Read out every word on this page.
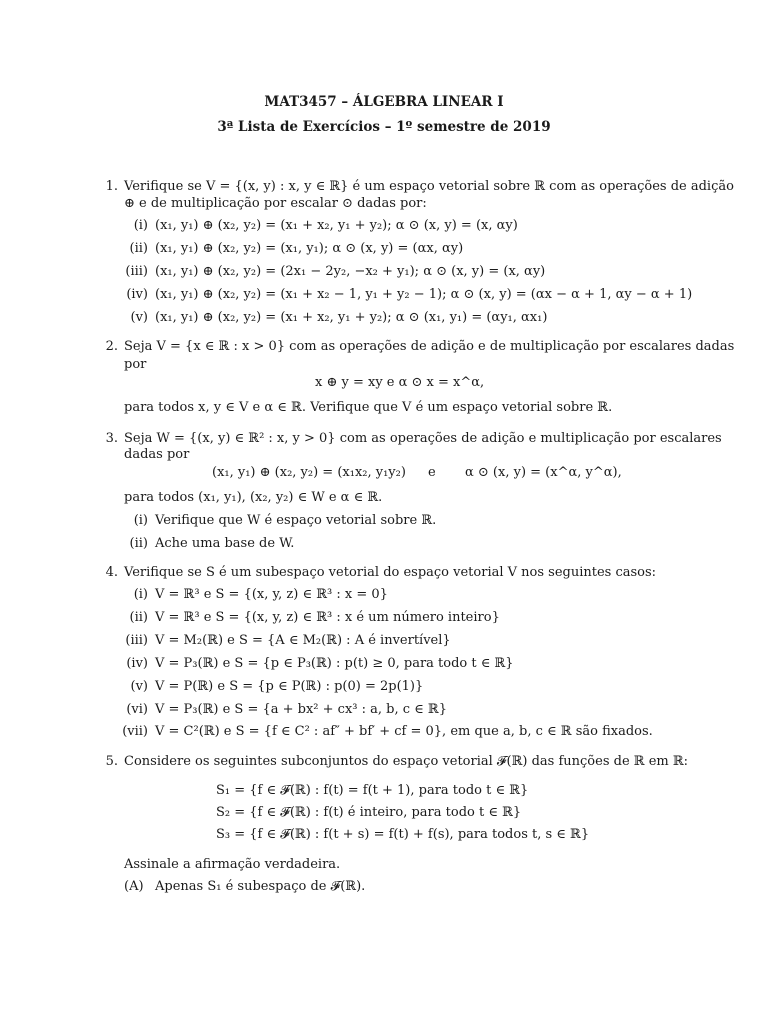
MAT3457 – ÁLGEBRA LINEAR I
3ª Lista de Exercícios – 1º semestre de 2019
1. Verifique se V = {(x, y) : x, y ∈ ℝ} é um espaço vetorial sobre ℝ com as operações de adição
⊕ e de multiplicação por escalar ⊙ dadas por:
(i) (x₁, y₁) ⊕ (x₂, y₂) = (x₁ + x₂, y₁ + y₂); α ⊙ (x, y) = (x, αy)
(ii) (x₁, y₁) ⊕ (x₂, y₂) = (x₁, y₁); α ⊙ (x, y) = (αx, αy)
(iii) (x₁, y₁) ⊕ (x₂, y₂) = (2x₁ − 2y₂, −x₂ + y₁); α ⊙ (x, y) = (x, αy)
(iv) (x₁, y₁) ⊕ (x₂, y₂) = (x₁ + x₂ − 1, y₁ + y₂ − 1); α ⊙ (x, y) = (αx − α + 1, αy − α + 1)
(v) (x₁, y₁) ⊕ (x₂, y₂) = (x₁ + x₂, y₁ + y₂); α ⊙ (x₁, y₁) = (αy₁, αx₁)
2. Seja V = {x ∈ ℝ : x > 0} com as operações de adição e de multiplicação por escalares dadas
por
x ⊕ y = xy e α ⊙ x = x^α,
para todos x, y ∈ V e α ∈ ℝ. Verifique que V é um espaço vetorial sobre ℝ.
3. Seja W = {(x, y) ∈ ℝ² : x, y > 0} com as operações de adição e multiplicação por escalares
dadas por
(x₁, y₁) ⊕ (x₂, y₂) = (x₁x₂, y₁y₂) e α ⊙ (x, y) = (x^α, y^α),
para todos (x₁, y₁), (x₂, y₂) ∈ W e α ∈ ℝ.
(i) Verifique que W é espaço vetorial sobre ℝ.
(ii) Ache uma base de W.
4. Verifique se S é um subespaço vetorial do espaço vetorial V nos seguintes casos:
(i) V = ℝ³ e S = {(x, y, z) ∈ ℝ³ : x = 0}
(ii) V = ℝ³ e S = {(x, y, z) ∈ ℝ³ : x é um número inteiro}
(iii) V = M₂(ℝ) e S = {A ∈ M₂(ℝ) : A é invertível}
(iv) V = P₃(ℝ) e S = {p ∈ P₃(ℝ) : p(t) ≥ 0, para todo t ∈ ℝ}
(v) V = P(ℝ) e S = {p ∈ P(ℝ) : p(0) = 2p(1)}
(vi) V = P₃(ℝ) e S = {a + bx² + cx³ : a, b, c ∈ ℝ}
(vii) V = C²(ℝ) e S = {f ∈ C² : af″ + bf′ + cf = 0}, em que a, b, c ∈ ℝ são fixados.
5. Considere os seguintes subconjuntos do espaço vetorial 𝓕(ℝ) das funções de ℝ em ℝ:
S₁ = {f ∈ 𝓕(ℝ) : f(t) = f(t + 1), para todo t ∈ ℝ}
S₂ = {f ∈ 𝓕(ℝ) : f(t) é inteiro, para todo t ∈ ℝ}
S₃ = {f ∈ 𝓕(ℝ) : f(t + s) = f(t) + f(s), para todos t, s ∈ ℝ}
Assinale a afirmação verdadeira.
(A) Apenas S₁ é subespaço de 𝓕(ℝ).
